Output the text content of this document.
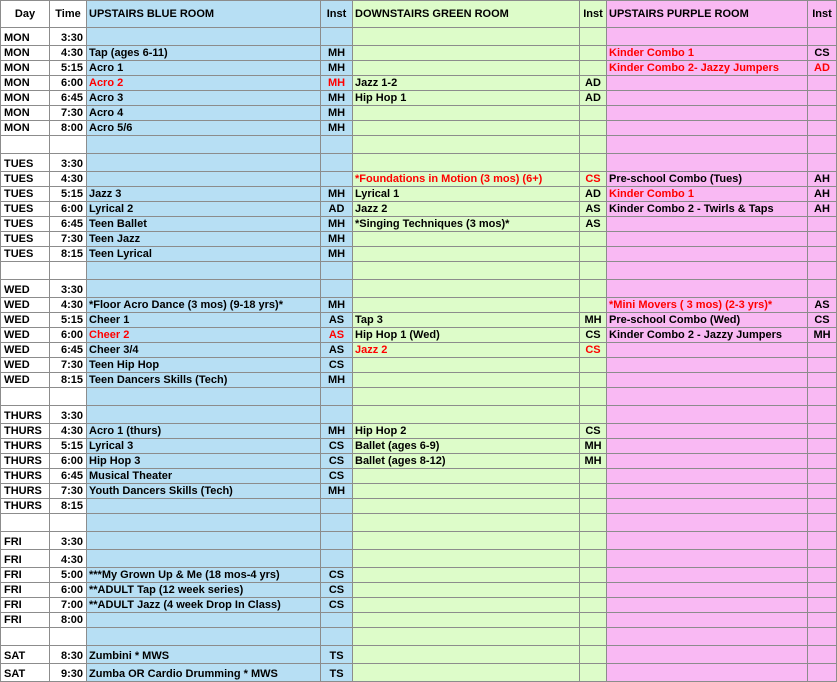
Day	Time	UPSTAIRS BLUE ROOM	Inst	DOWNSTAIRS GREEN ROOM	Inst	UPSTAIRS PURPLE ROOM	Inst
MON	3:30						
MON	4:30	Tap (ages 6-11)	MH			Kinder Combo 1	CS
MON	5:15	Acro 1	MH			Kinder Combo 2- Jazzy Jumpers	AD
MON	6:00	Acro 2	MH	Jazz 1-2	AD		
MON	6:45	Acro 3	MH	Hip Hop 1	AD		
MON	7:30	Acro 4	MH				
MON	8:00	Acro 5/6	MH				

TUES	3:30						
TUES	4:30			*Foundations in Motion (3 mos) (6+)	CS	Pre-school Combo (Tues)	AH
TUES	5:15	Jazz 3	MH	Lyrical 1	AD	Kinder Combo 1	AH
TUES	6:00	Lyrical 2	AD	Jazz 2	AS	Kinder Combo 2 - Twirls & Taps	AH
TUES	6:45	Teen Ballet	MH	*Singing Techniques (3 mos)*	AS		
TUES	7:30	Teen Jazz	MH				
TUES	8:15	Teen Lyrical	MH				

WED	3:30						
WED	4:30	*Floor Acro Dance (3 mos) (9-18 yrs)*	MH			*Mini Movers ( 3 mos) (2-3 yrs)*	AS
WED	5:15	Cheer 1	AS	Tap 3	MH	Pre-school Combo (Wed)	CS
WED	6:00	Cheer 2	AS	Hip Hop 1 (Wed)	CS	Kinder Combo 2 - Jazzy Jumpers	MH
WED	6:45	Cheer 3/4	AS	Jazz 2	CS		
WED	7:30	Teen Hip Hop	CS				
WED	8:15	Teen Dancers Skills (Tech)	MH				

THURS	3:30						
THURS	4:30	Acro 1 (thurs)	MH	Hip Hop 2	CS		
THURS	5:15	Lyrical 3	CS	Ballet (ages 6-9)	MH		
THURS	6:00	Hip Hop 3	CS	Ballet (ages 8-12)	MH		
THURS	6:45	Musical Theater	CS				
THURS	7:30	Youth Dancers Skills (Tech)	MH				
THURS	8:15						

FRI	3:30						
FRI	4:30						
FRI	5:00	***My Grown Up & Me (18 mos-4 yrs)	CS				
FRI	6:00	**ADULT Tap (12 week series)	CS				
FRI	7:00	**ADULT Jazz (4 week Drop In Class)	CS				
FRI	8:00						

SAT	8:30	Zumbini * MWS	TS				
SAT	9:30	Zumba OR Cardio Drumming * MWS	TS				
